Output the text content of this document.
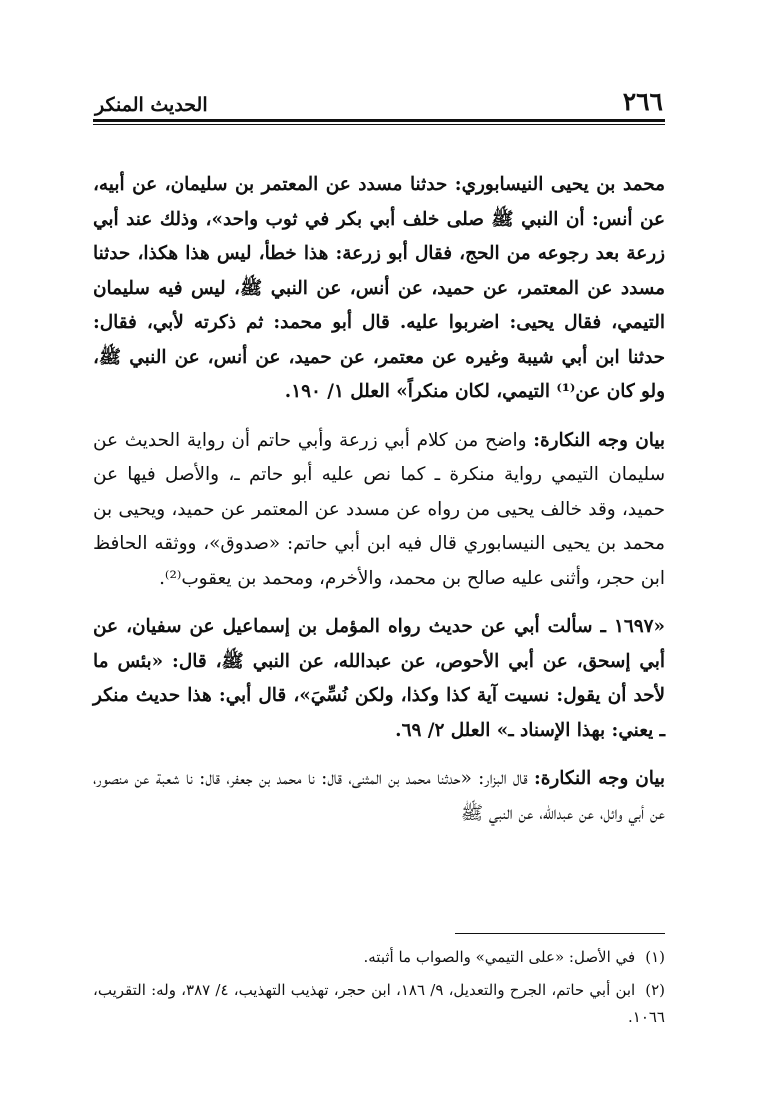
٢٦٦
الحديث المنكر

محمد بن يحيى النيسابوري: حدثنا مسدد عن المعتمر بن سليمان، عن أبيه، عن أنس: أن النبي ﷺ صلى خلف أبي بكر في ثوب واحد»، وذلك عند أبي زرعة بعد رجوعه من الحج، فقال أبو زرعة: هذا خطأ، ليس هذا هكذا، حدثنا مسدد عن المعتمر، عن حميد، عن أنس، عن النبي ﷺ، ليس فيه سليمان التيمي، فقال يحيى: اضربوا عليه. قال أبو محمد: ثم ذكرته لأبي، فقال: حدثنا ابن أبي شيبة وغيره عن معتمر، عن حميد، عن أنس، عن النبي ﷺ، ولو كان عن⁽¹⁾ التيمي، لكان منكراً» العلل ١/ ١٩٠.

بيان وجه النكارة: واضح من كلام أبي زرعة وأبي حاتم أن رواية الحديث عن سليمان التيمي رواية منكرة ـ كما نص عليه أبو حاتم ـ، والأصل فيها عن حميد، وقد خالف يحيى من رواه عن مسدد عن المعتمر عن حميد، ويحيى بن محمد بن يحيى النيسابوري قال فيه ابن أبي حاتم: «صدوق»، ووثقه الحافظ ابن حجر، وأثنى عليه صالح بن محمد، والأخرم، ومحمد بن يعقوب⁽²⁾.

«١٦٩٧ ـ سألت أبي عن حديث رواه المؤمل بن إسماعيل عن سفيان، عن أبي إسحق، عن أبي الأحوص، عن عبدالله، عن النبي ﷺ، قال: «بئس ما لأحد أن يقول: نسيت آية كذا وكذا، ولكن نُسِّيَ»، قال أبي: هذا حديث منكر ـ يعني: بهذا الإسناد ـ» العلل ٢/ ٦٩.

بيان وجه النكارة: قال البزار: «حدثنا محمد بن المثنى، قال: نا محمد بن جعفر، قال: نا شعبة عن منصور، عن أبي وائل، عن عبدالله، عن النبي ﷺ

(١)في الأصل: «على التيمي» والصواب ما أثبته.

(٢)ابن أبي حاتم، الجرح والتعديل، ٩/ ١٨٦، ابن حجر، تهذيب التهذيب، ٤/ ٣٨٧، وله: التقريب، ١٠٦٦.
